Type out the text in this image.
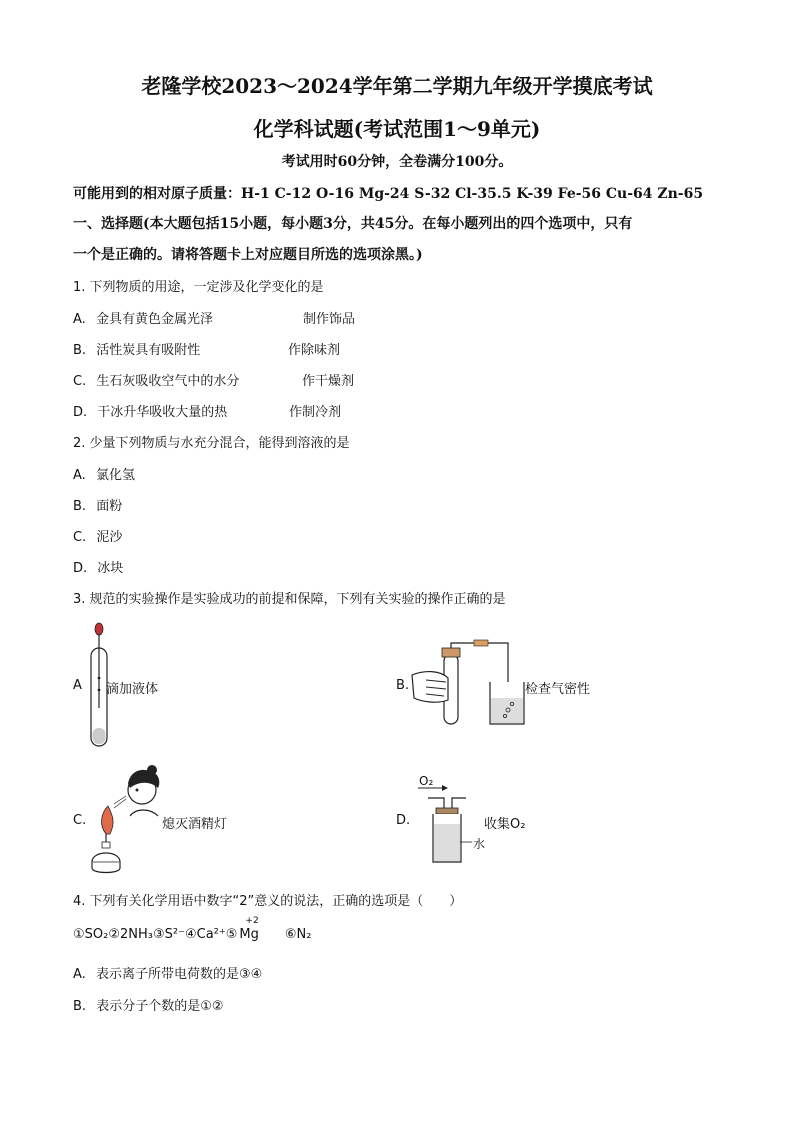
老隆学校2023～2024学年第二学期九年级开学摸底考试
化学科试题(考试范围1～9单元)
考试用时60分钟，全卷满分100分。
可能用到的相对原子质量：H-1 C-12 O-16 Mg-24 S-32 Cl-35.5 K-39 Fe-56 Cu-64 Zn-65
一、选择题(本大题包括15小题，每小题3分，共45分。在每小题列出的四个选项中，只有
一个是正确的。请将答题卡上对应题目所选的选项涂黑。)
1. 下列物质的用途，一定涉及化学变化的是
A. 金具有黄色金属光泽	制作饰品
B. 活性炭具有吸附性	作除味剂
C. 生石灰吸收空气中的水分	作干燥剂
D. 干冰升华吸收大量的热	作制冷剂
2. 少量下列物质与水充分混合，能得到溶液的是
A. 氯化氢
B. 面粉
C. 泥沙
D. 冰块
3. 规范的实验操作是实验成功的前提和保障，下列有关实验的操作正确的是
A 滴加液体	B.	检查气密性
C.	熄灭酒精灯	D.
O₂
水
收集O₂
4. 下列有关化学用语中数字“2”意义的说法，正确的选项是（　　）
①SO₂②2NH₃③S²⁻④Ca²⁺⑤
+2
Mg ⑥N₂
A. 表示离子所带电荷数的是③④
B. 表示分子个数的是①②
